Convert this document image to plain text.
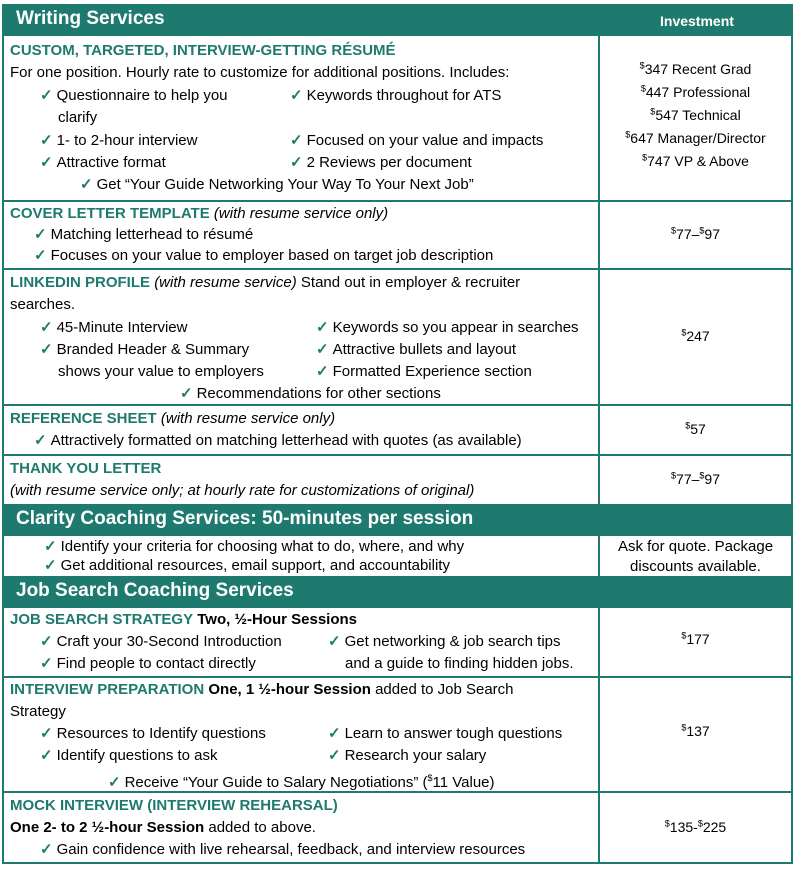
Writing Services	Investment
Clarity Coaching Services: 50-minutes per session
Job Search Coaching Services
CUSTOM, TARGETED, INTERVIEW-GETTING RÉSUMÉ
For one position. Hourly rate to customize for additional positions. Includes:
✓ Questionnaire to help you
clarify
✓ Keywords throughout for ATS
✓ 1- to 2-hour interview	✓ Focused on your value and impacts
✓ Attractive format	✓ 2 Reviews per document
✓ Get “Your Guide Networking Your Way To Your Next Job”
$347 Recent Grad
$447 Professional
$547 Technical
$647 Manager/Director
$747 VP & Above
COVER LETTER TEMPLATE (with resume service only)
✓ Matching letterhead to résumé
✓ Focuses on your value to employer based on target job description
$77–$97
LINKEDIN PROFILE (with resume service) Stand out in employer & recruiter
searches.
✓ 45-Minute Interview	✓ Keywords so you appear in searches
✓ Branded Header & Summary
shows your value to employers
✓ Attractive bullets and layout
✓ Formatted Experience section
✓ Recommendations for other sections
$247
REFERENCE SHEET (with resume service only)
✓ Attractively formatted on matching letterhead with quotes (as available)
$57
THANK YOU LETTER
(with resume service only; at hourly rate for customizations of original)
$77–$97
✓ Identify your criteria for choosing what to do, where, and why
✓ Get additional resources, email support, and accountability
Ask for quote. Package
discounts available.
JOB SEARCH STRATEGY Two, ½-Hour Sessions
✓ Craft your 30-Second Introduction	✓ Get networking & job search tips
✓ Find people to contact directly	and a guide to finding hidden jobs.
$177
INTERVIEW PREPARATION One, 1 ½-hour Session added to Job Search
Strategy
✓ Resources to Identify questions	✓ Learn to answer tough questions
✓ Identify questions to ask	✓ Research your salary
✓ Receive “Your Guide to Salary Negotiations” ($11 Value)
$137
MOCK INTERVIEW (INTERVIEW REHEARSAL)
One 2- to 2 ½-hour Session added to above.
✓ Gain confidence with live rehearsal, feedback, and interview resources
$135-$225
